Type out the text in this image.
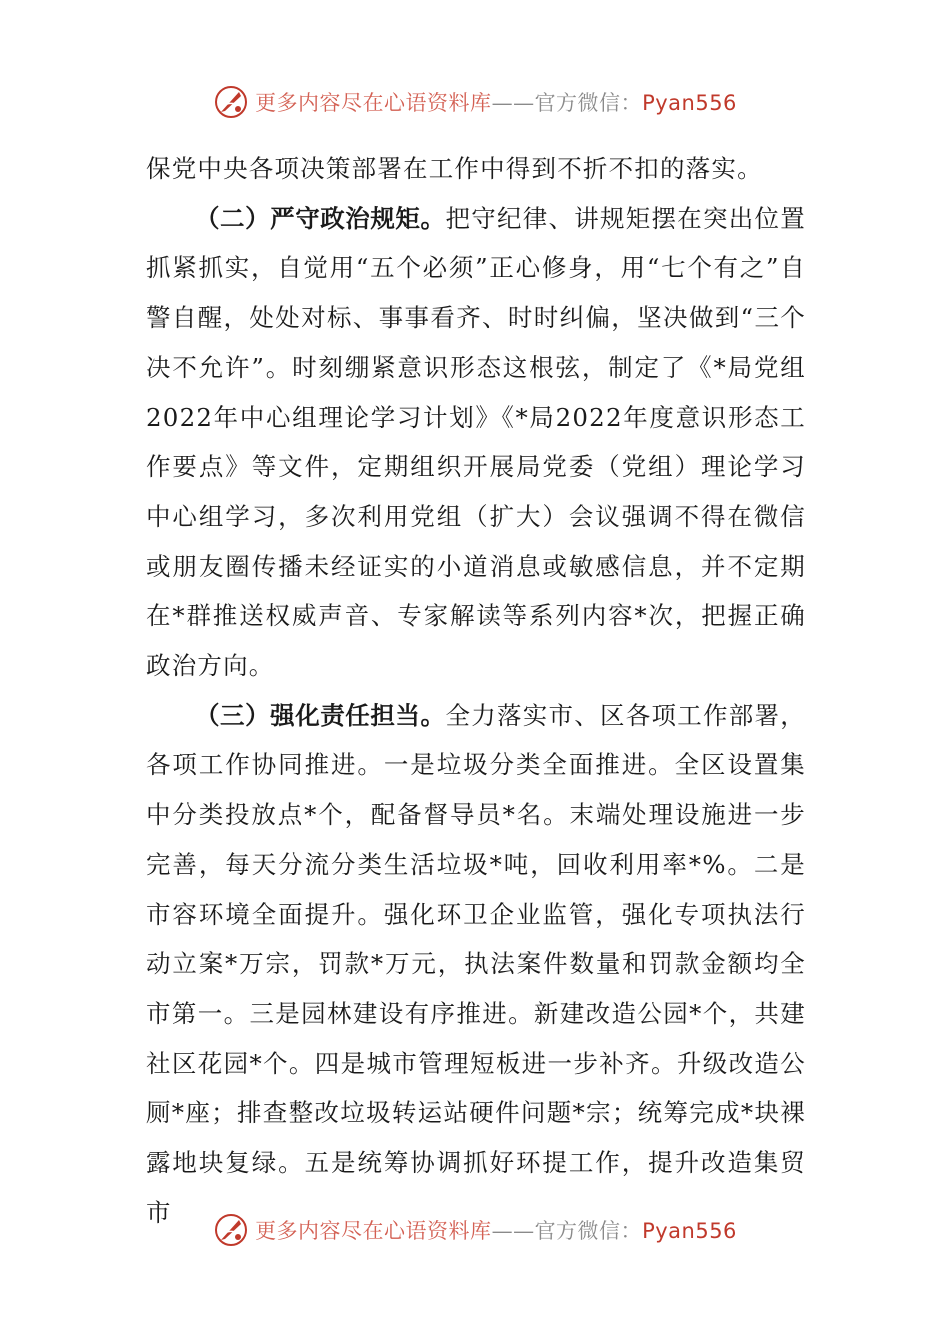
更多内容尽在心语资料库——官方微信：Pyan556

保党中央各项决策部署在工作中得到不折不扣的落实。

（二）严守政治规矩。把守纪律、讲规矩摆在突出位置抓紧抓实，自觉用“五个必须”正心修身，用“七个有之”自警自醒，处处对标、事事看齐、时时纠偏，坚决做到“三个决不允许”。时刻绷紧意识形态这根弦，制定了《*局党组2022年中心组理论学习计划》《*局2022年度意识形态工作要点》等文件，定期组织开展局党委（党组）理论学习中心组学习，多次利用党组（扩大）会议强调不得在微信或朋友圈传播未经证实的小道消息或敏感信息，并不定期在*群推送权威声音、专家解读等系列内容*次，把握正确政治方向。

（三）强化责任担当。全力落实市、区各项工作部署，各项工作协同推进。一是垃圾分类全面推进。全区设置集中分类投放点*个，配备督导员*名。末端处理设施进一步完善，每天分流分类生活垃圾*吨，回收利用率*%。二是市容环境全面提升。强化环卫企业监管，强化专项执法行动立案*万宗，罚款*万元，执法案件数量和罚款金额均全市第一。三是园林建设有序推进。新建改造公园*个，共建社区花园*个。四是城市管理短板进一步补齐。升级改造公厕*座；排查整改垃圾转运站硬件问题*宗；统筹完成*块裸露地块复绿。五是统筹协调抓好环提工作，提升改造集贸市

更多内容尽在心语资料库——官方微信：Pyan556
